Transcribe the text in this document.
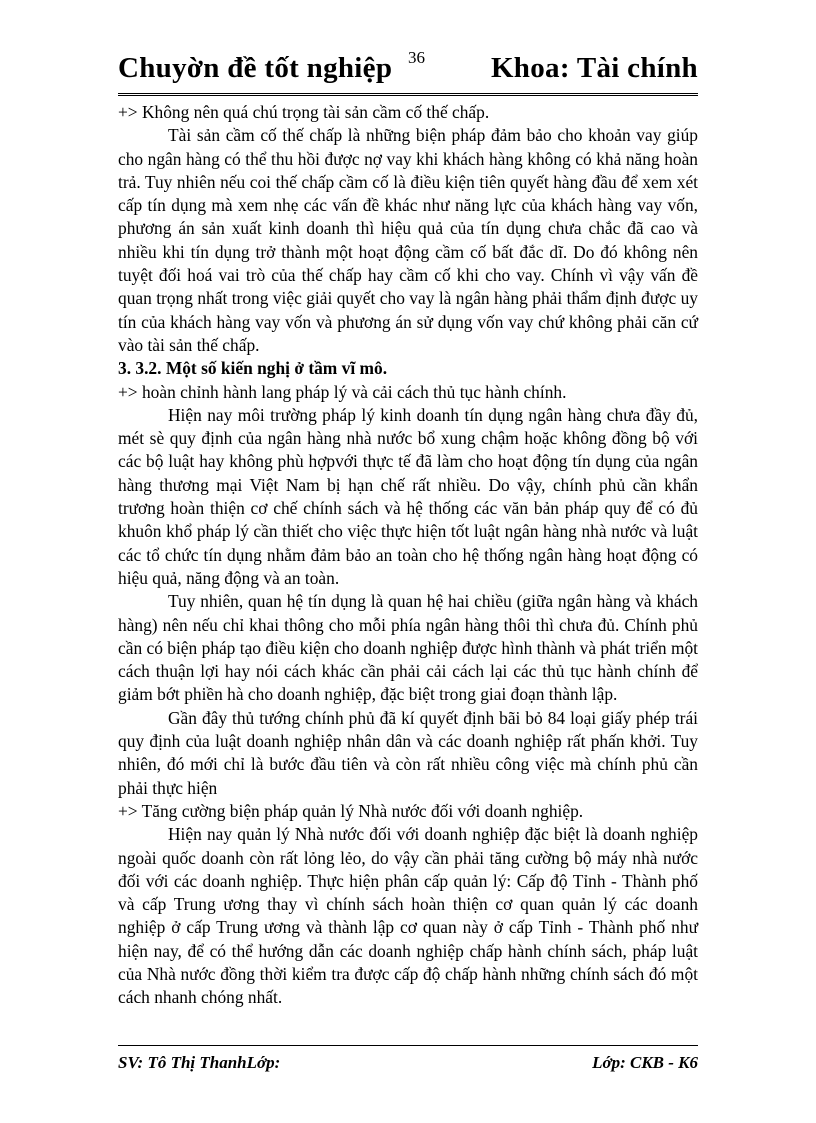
Chuyờn đề tốt nghiệp 36 Khoa: Tài chính

+> Không nên quá chú trọng tài sản cầm cố thế chấp.

Tài sản cầm cố thế chấp là những biện pháp đảm bảo cho khoản vay giúp cho ngân hàng có thể thu hồi được nợ vay khi khách hàng không có khả năng hoàn trả. Tuy nhiên nếu coi thế chấp cầm cố là điều kiện tiên quyết hàng đầu để xem xét cấp tín dụng mà xem nhẹ các vấn đề khác như năng lực của khách hàng vay vốn, phương án sản xuất kinh doanh thì hiệu quả của tín dụng chưa chắc đã cao và nhiều khi tín dụng trở thành một hoạt động cầm cố bất đắc dĩ. Do đó không nên tuyệt đối hoá vai trò của thế chấp hay cầm cố khi cho vay. Chính vì vậy vấn đề quan trọng nhất trong việc giải quyết cho vay là ngân hàng phải thẩm định được uy tín của khách hàng vay vốn và phương án sử dụng vốn vay chứ không phải căn cứ vào tài sản thế chấp.

3. 3.2. Một số kiến nghị ở tầm vĩ mô.

+> hoàn chỉnh hành lang pháp lý và cải cách thủ tục hành chính.

Hiện nay môi trường pháp lý kinh doanh tín dụng ngân hàng chưa đầy đủ, mét sè quy định của ngân hàng nhà nước bổ xung chậm hoặc không đồng bộ với các bộ luật hay không phù hợpvới thực tế đã làm cho hoạt động tín dụng của ngân hàng thương mại Việt Nam bị hạn chế rất nhiều. Do vậy, chính phủ cần khẩn trương hoàn thiện cơ chế chính sách và hệ thống các văn bản pháp quy để có đủ khuôn khổ pháp lý cần thiết cho việc thực hiện tốt luật ngân hàng nhà nước và luật các tổ chức tín dụng nhằm đảm bảo an toàn cho hệ thống ngân hàng hoạt động có hiệu quả, năng động và an toàn.

Tuy nhiên, quan hệ tín dụng là quan hệ hai chiều (giữa ngân hàng và khách hàng) nên nếu chỉ khai thông cho mỗi phía ngân hàng thôi thì chưa đủ. Chính phủ cần có biện pháp tạo điều kiện cho doanh nghiệp được hình thành và phát triển một cách thuận lợi hay nói cách khác cần phải cải cách lại các thủ tục hành chính để giảm bớt phiền hà cho doanh nghiệp, đặc biệt trong giai đoạn thành lập.

Gần đây thủ tướng chính phủ đã kí quyết định bãi bỏ 84 loại giấy phép trái quy định của luật doanh nghiệp nhân dân và các doanh nghiệp rất phấn khởi. Tuy nhiên, đó mới chỉ là bước đầu tiên và còn rất nhiều công việc mà chính phủ cần phải thực hiện

+> Tăng cường biện pháp quản lý Nhà nước đối với doanh nghiệp.

Hiện nay quản lý Nhà nước đối với doanh nghiệp đặc biệt là doanh nghiệp ngoài quốc doanh còn rất lỏng lẻo, do vậy cần phải tăng cường bộ máy nhà nước đối với các doanh nghiệp. Thực hiện phân cấp quản lý: Cấp độ Tỉnh - Thành phố và cấp Trung ương thay vì chính sách hoàn thiện cơ quan quản lý các doanh nghiệp ở cấp Trung ương và thành lập cơ quan này ở cấp Tỉnh - Thành phố như hiện nay, để có thể hướng dẫn các doanh nghiệp chấp hành chính sách, pháp luật của Nhà nước đồng thời kiểm tra được cấp độ chấp hành những chính sách đó một cách nhanh chóng nhất.

SV: Tô Thị ThanhLớp:	Lớp: CKB - K6
